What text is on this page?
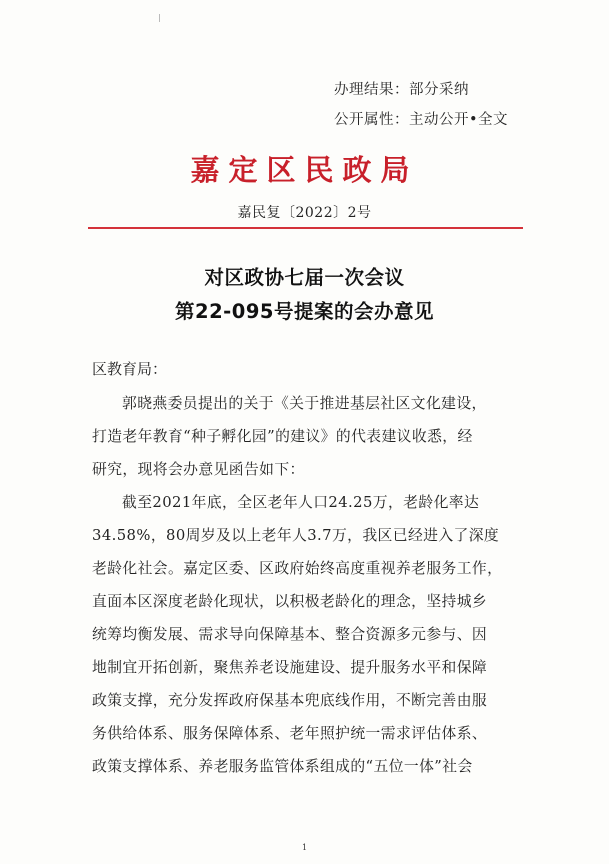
办理结果：部分采纳
公开属性：主动公开•全文
嘉定区民政局
嘉民复〔2022〕2号
对区政协七届一次会议
第22-095号提案的会办意见
区教育局：
郭晓燕委员提出的关于《关于推进基层社区文化建设，
打造老年教育“种子孵化园”的建议》的代表建议收悉，经
研究，现将会办意见函告如下：
截至2021年底，全区老年人口24.25万，老龄化率达
34.58%，80周岁及以上老年人3.7万，我区已经进入了深度
老龄化社会。嘉定区委、区政府始终高度重视养老服务工作，
直面本区深度老龄化现状，以积极老龄化的理念，坚持城乡
统筹均衡发展、需求导向保障基本、整合资源多元参与、因
地制宜开拓创新，聚焦养老设施建设、提升服务水平和保障
政策支撑，充分发挥政府保基本兜底线作用，不断完善由服
务供给体系、服务保障体系、老年照护统一需求评估体系、
政策支撑体系、养老服务监管体系组成的“五位一体”社会
1
